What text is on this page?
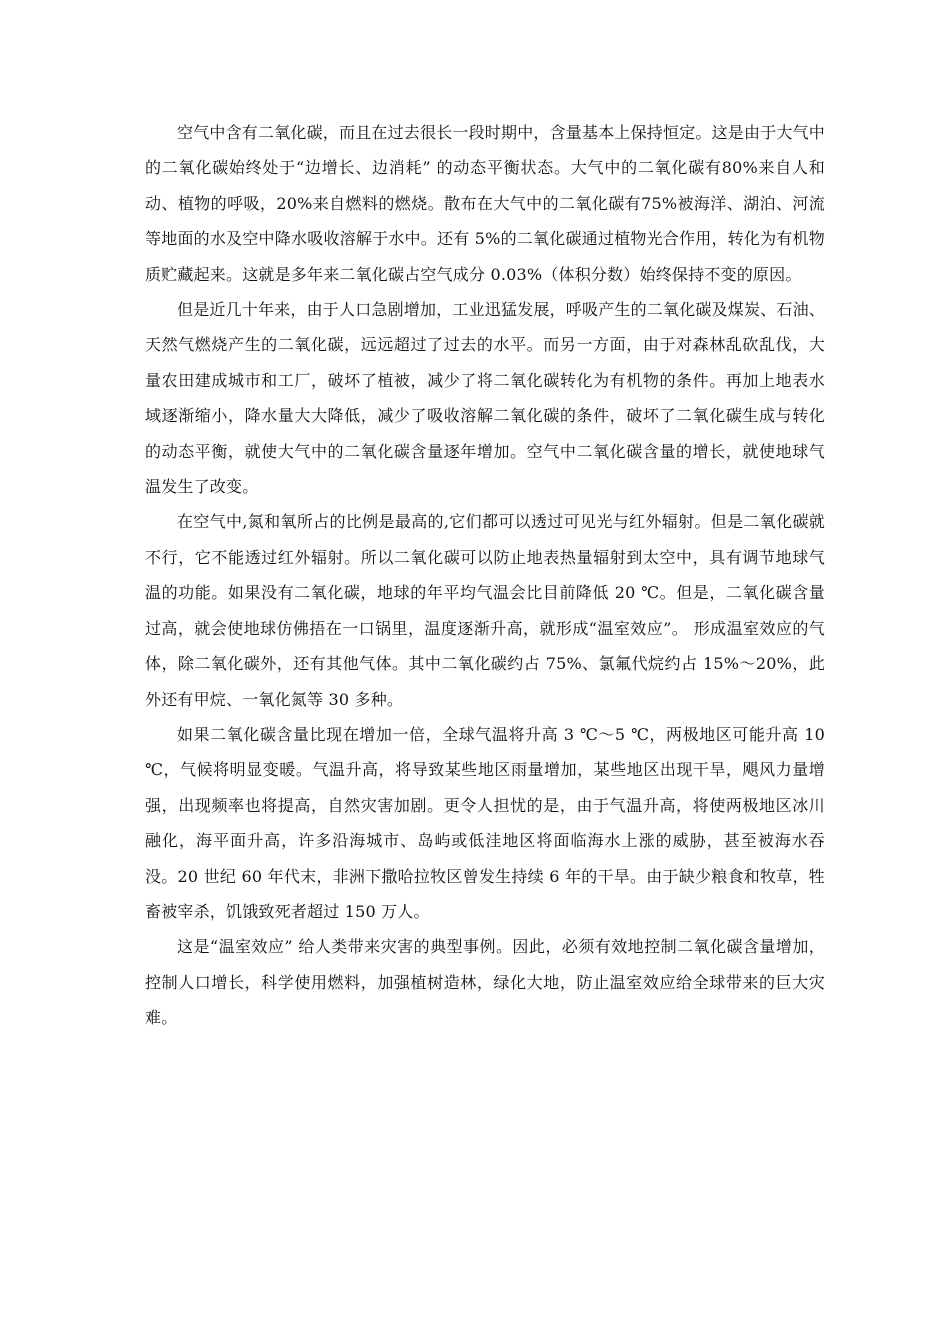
空气中含有二氧化碳，而且在过去很长一段时期中，含量基本上保持恒定。这是由于大气中的二氧化碳始终处于“边增长、边消耗” 的动态平衡状态。大气中的二氧化碳有80%来自人和动、植物的呼吸，20%来自燃料的燃烧。散布在大气中的二氧化碳有75%被海洋、湖泊、河流等地面的水及空中降水吸收溶解于水中。还有 5%的二氧化碳通过植物光合作用，转化为有机物质贮藏起来。这就是多年来二氧化碳占空气成分 0.03%（体积分数）始终保持不变的原因。

但是近几十年来，由于人口急剧增加，工业迅猛发展，呼吸产生的二氧化碳及煤炭、石油、天然气燃烧产生的二氧化碳，远远超过了过去的水平。而另一方面，由于对森林乱砍乱伐，大量农田建成城市和工厂，破坏了植被，减少了将二氧化碳转化为有机物的条件。再加上地表水域逐渐缩小，降水量大大降低，减少了吸收溶解二氧化碳的条件，破坏了二氧化碳生成与转化的动态平衡，就使大气中的二氧化碳含量逐年增加。空气中二氧化碳含量的增长，就使地球气温发生了改变。

在空气中,氮和氧所占的比例是最高的,它们都可以透过可见光与红外辐射。但是二氧化碳就不行，它不能透过红外辐射。所以二氧化碳可以防止地表热量辐射到太空中，具有调节地球气温的功能。如果没有二氧化碳，地球的年平均气温会比目前降低 20 ℃。但是，二氧化碳含量过高，就会使地球仿佛捂在一口锅里，温度逐渐升高，就形成“温室效应”。 形成温室效应的气体，除二氧化碳外，还有其他气体。其中二氧化碳约占 75%、氯氟代烷约占 15%～20%，此外还有甲烷、一氧化氮等 30 多种。

如果二氧化碳含量比现在增加一倍，全球气温将升高 3 ℃～5 ℃，两极地区可能升高 10 ℃，气候将明显变暖。气温升高，将导致某些地区雨量增加，某些地区出现干旱，飓风力量增强，出现频率也将提高，自然灾害加剧。更令人担忧的是，由于气温升高，将使两极地区冰川融化，海平面升高，许多沿海城市、岛屿或低洼地区将面临海水上涨的威胁，甚至被海水吞没。20 世纪 60 年代末，非洲下撒哈拉牧区曾发生持续 6 年的干旱。由于缺少粮食和牧草，牲畜被宰杀，饥饿致死者超过 150 万人。

这是“温室效应” 给人类带来灾害的典型事例。因此，必须有效地控制二氧化碳含量增加，控制人口增长，科学使用燃料，加强植树造林，绿化大地，防止温室效应给全球带来的巨大灾难。
